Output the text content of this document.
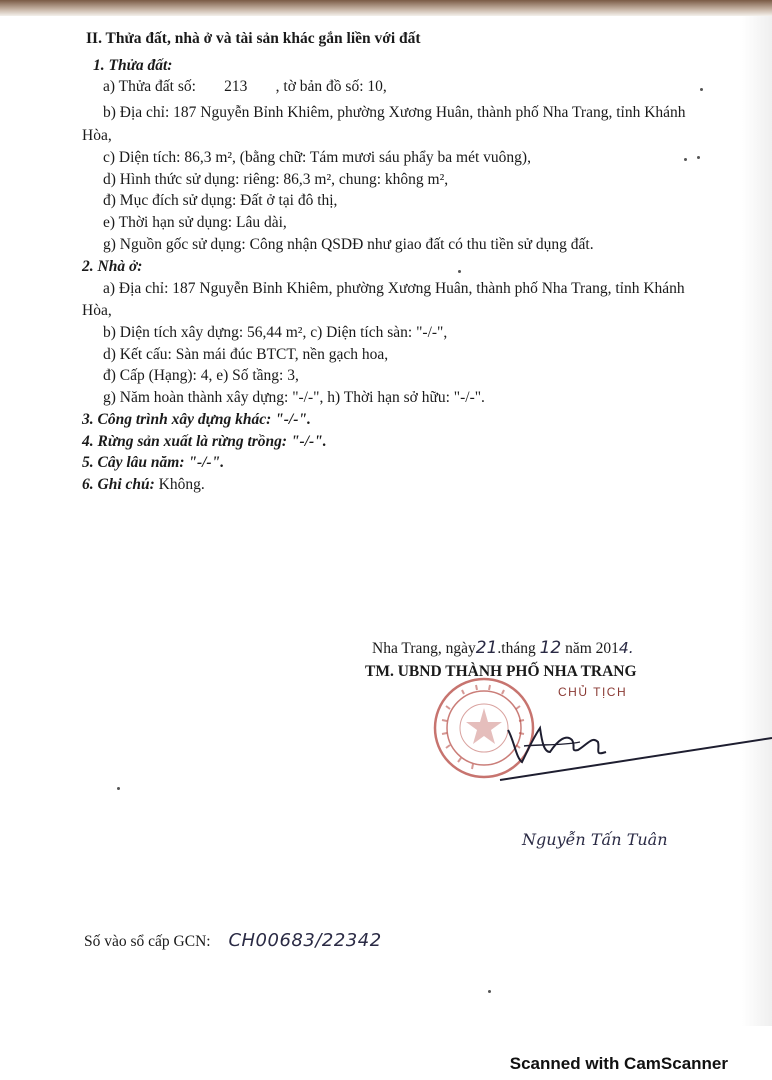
II. Thửa đất, nhà ở và tài sản khác gắn liền với đất
1. Thửa đất:
a) Thửa đất số: 213 , tờ bản đồ số: 10,
b) Địa chỉ: 187 Nguyễn Bỉnh Khiêm, phường Xương Huân, thành phố Nha Trang, tỉnh Khánh
Hòa,
c) Diện tích: 86,3 m², (bằng chữ: Tám mươi sáu phẩy ba mét vuông),
d) Hình thức sử dụng: riêng: 86,3 m², chung: không m²,
đ) Mục đích sử dụng: Đất ở tại đô thị,
e) Thời hạn sử dụng: Lâu dài,
g) Nguồn gốc sử dụng: Công nhận QSDĐ như giao đất có thu tiền sử dụng đất.
2. Nhà ở:
a) Địa chỉ: 187 Nguyễn Bỉnh Khiêm, phường Xương Huân, thành phố Nha Trang, tỉnh Khánh
Hòa,
b) Diện tích xây dựng: 56,44 m², c) Diện tích sàn: "-/-",
d) Kết cấu: Sàn mái đúc BTCT, nền gạch hoa,
đ) Cấp (Hạng): 4, e) Số tầng: 3,
g) Năm hoàn thành xây dựng: "-/-", h) Thời hạn sở hữu: "-/-".
3. Công trình xây dựng khác: "-/-".
4. Rừng sản xuất là rừng trồng: "-/-".
5. Cây lâu năm: "-/-".
6. Ghi chú: Không.
Nha Trang, ngày21.tháng 12 năm 2014.
TM. UBND THÀNH PHỐ NHA TRANG
CHỦ TỊCH
Nguyễn Tấn Tuân
Số vào sổ cấp GCN: CH00683/22342
Scanned with CamScanner
